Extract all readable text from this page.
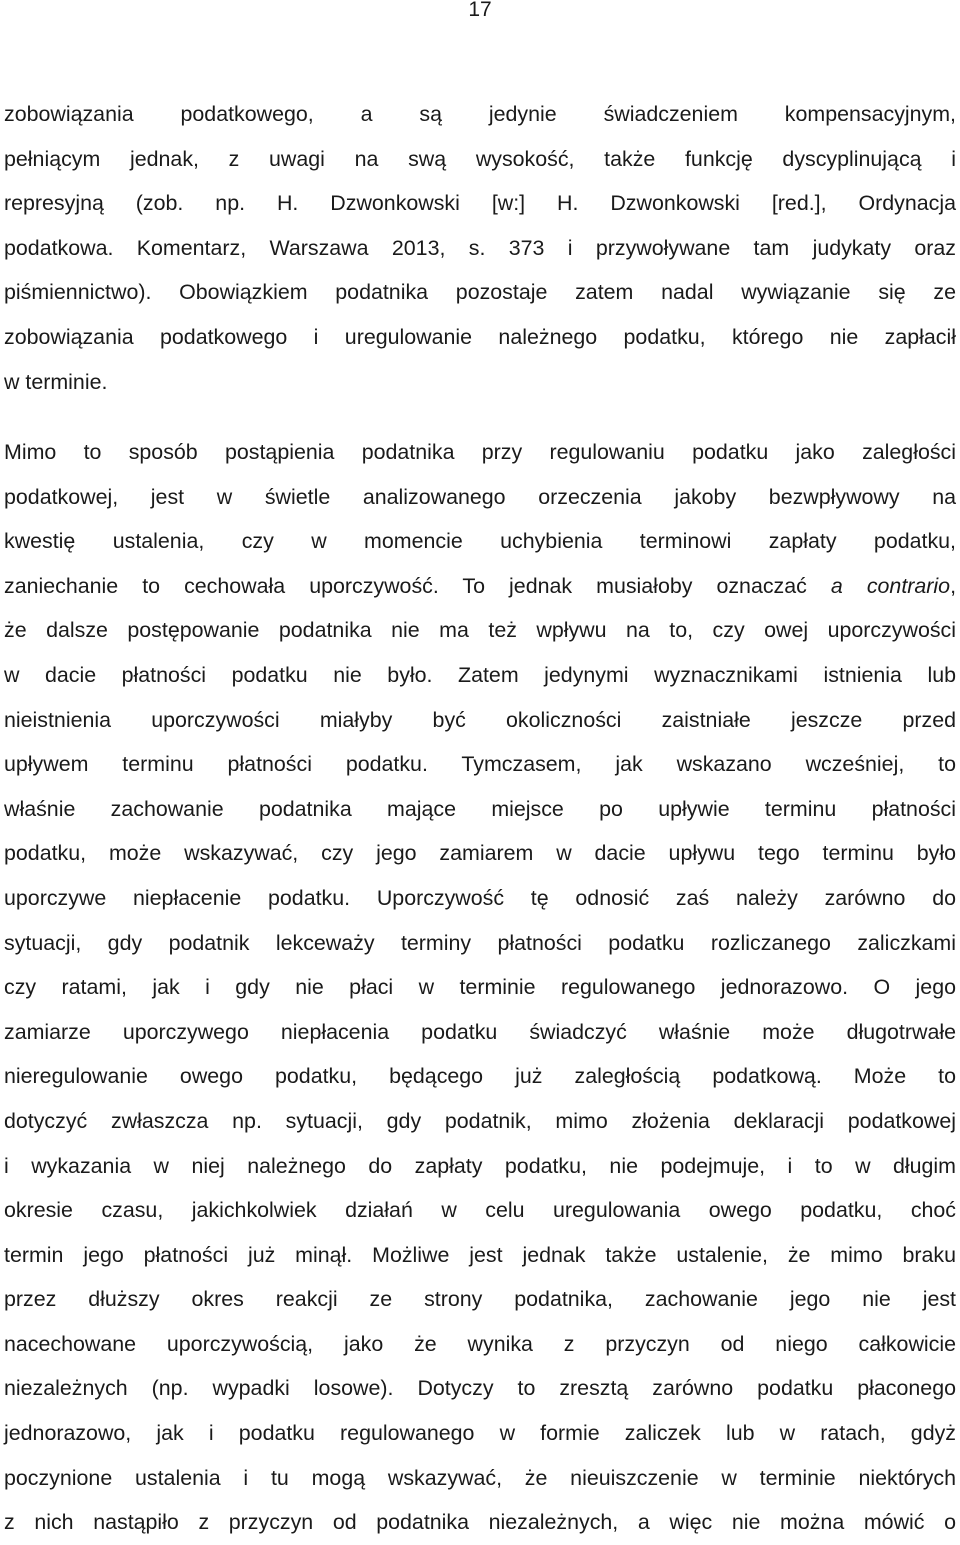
17
zobowiązania podatkowego, a są jedynie świadczeniem kompensacyjnym,
pełniącym jednak, z uwagi na swą wysokość, także funkcję dyscyplinującą i
represyjną (zob. np. H. Dzwonkowski [w:] H. Dzwonkowski [red.], Ordynacja
podatkowa. Komentarz, Warszawa 2013, s. 373 i przywoływane tam judykaty oraz
piśmiennictwo). Obowiązkiem podatnika pozostaje zatem nadal wywiązanie się ze
zobowiązania podatkowego i uregulowanie należnego podatku, którego nie zapłacił
w terminie.
Mimo to sposób postąpienia podatnika przy regulowaniu podatku jako zaległości
podatkowej, jest w świetle analizowanego orzeczenia jakoby bezwpływowy na
kwestię ustalenia, czy w momencie uchybienia terminowi zapłaty podatku,
zaniechanie to cechowała uporczywość. To jednak musiałoby oznaczać a contrario,
że dalsze postępowanie podatnika nie ma też wpływu na to, czy owej uporczywości
w dacie płatności podatku nie było. Zatem jedynymi wyznacznikami istnienia lub
nieistnienia uporczywości miałyby być okoliczności zaistniałe jeszcze przed
upływem terminu płatności podatku. Tymczasem, jak wskazano wcześniej, to
właśnie zachowanie podatnika mające miejsce po upływie terminu płatności
podatku, może wskazywać, czy jego zamiarem w dacie upływu tego terminu było
uporczywe niepłacenie podatku. Uporczywość tę odnosić zaś należy zarówno do
sytuacji, gdy podatnik lekceważy terminy płatności podatku rozliczanego zaliczkami
czy ratami, jak i gdy nie płaci w terminie regulowanego jednorazowo. O jego
zamiarze uporczywego niepłacenia podatku świadczyć właśnie może długotrwałe
nieregulowanie owego podatku, będącego już zaległością podatkową. Może to
dotyczyć zwłaszcza np. sytuacji, gdy podatnik, mimo złożenia deklaracji podatkowej
i wykazania w niej należnego do zapłaty podatku, nie podejmuje, i to w długim
okresie czasu, jakichkolwiek działań w celu uregulowania owego podatku, choć
termin jego płatności już minął. Możliwe jest jednak także ustalenie, że mimo braku
przez dłuższy okres reakcji ze strony podatnika, zachowanie jego nie jest
nacechowane uporczywością, jako że wynika z przyczyn od niego całkowicie
niezależnych (np. wypadki losowe). Dotyczy to zresztą zarówno podatku płaconego
jednorazowo, jak i podatku regulowanego w formie zaliczek lub w ratach, gdyż
poczynione ustalenia i tu mogą wskazywać, że nieuiszczenie w terminie niektórych
z nich nastąpiło z przyczyn od podatnika niezależnych, a więc nie można mówić o
